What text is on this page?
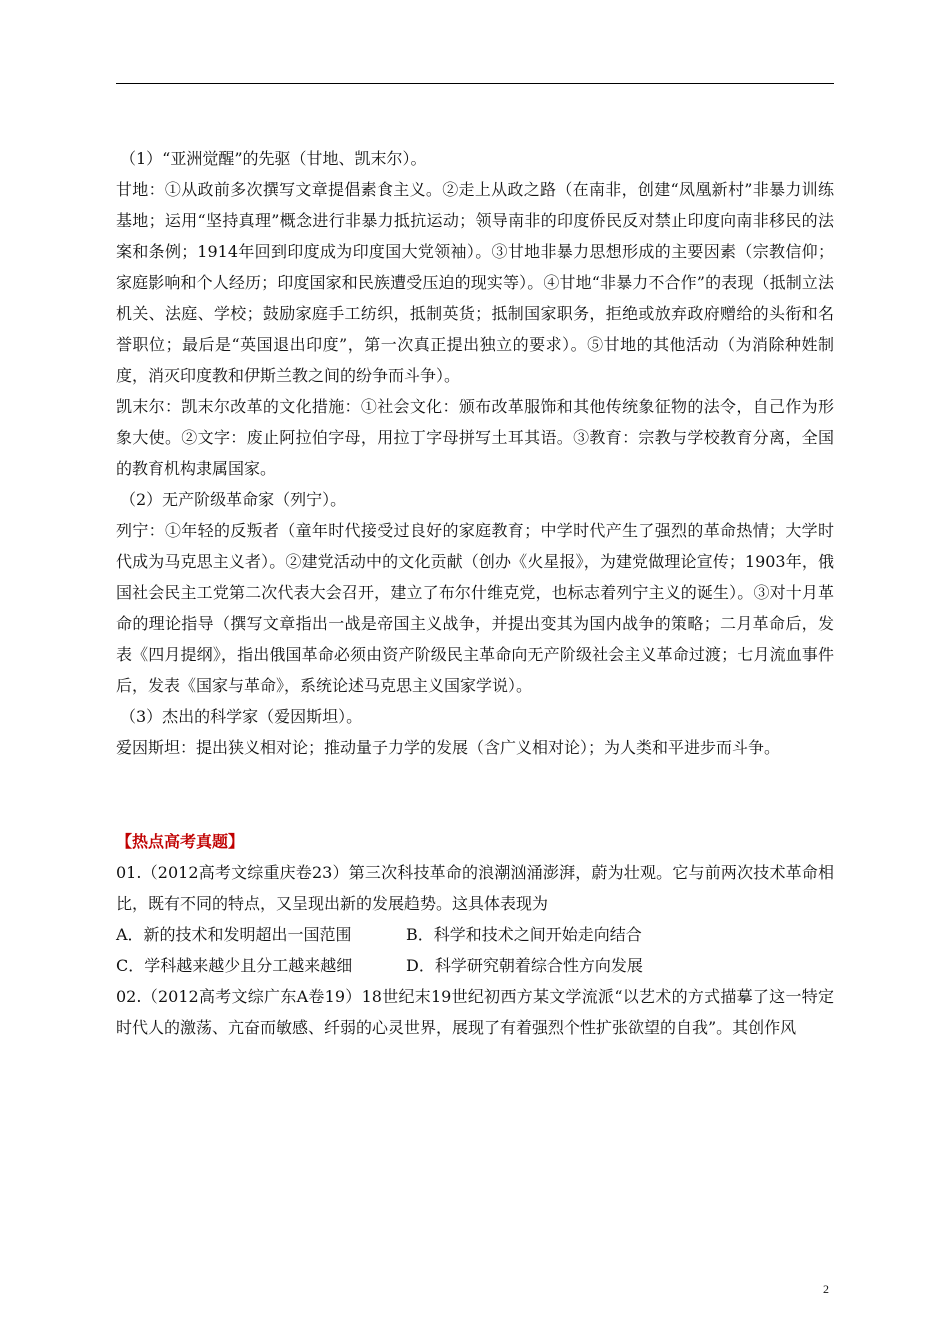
（1）“亚洲觉醒”的先驱（甘地、凯末尔）。

甘地：①从政前多次撰写文章提倡素食主义。②走上从政之路（在南非，创建“凤凰新村”非暴力训练基地；运用“坚持真理”概念进行非暴力抵抗运动；领导南非的印度侨民反对禁止印度向南非移民的法案和条例；1914年回到印度成为印度国大党领袖）。③甘地非暴力思想形成的主要因素（宗教信仰；家庭影响和个人经历；印度国家和民族遭受压迫的现实等）。④甘地“非暴力不合作”的表现（抵制立法机关、法庭、学校；鼓励家庭手工纺织，抵制英货；抵制国家职务，拒绝或放弃政府赠给的头衔和名誉职位；最后是“英国退出印度”，第一次真正提出独立的要求）。⑤甘地的其他活动（为消除种姓制度，消灭印度教和伊斯兰教之间的纷争而斗争）。

凯末尔：凯末尔改革的文化措施：①社会文化：颁布改革服饰和其他传统象征物的法令，自己作为形象大使。②文字：废止阿拉伯字母，用拉丁字母拼写土耳其语。③教育：宗教与学校教育分离，全国的教育机构隶属国家。

（2）无产阶级革命家（列宁）。

列宁：①年轻的反叛者（童年时代接受过良好的家庭教育；中学时代产生了强烈的革命热情；大学时代成为马克思主义者）。②建党活动中的文化贡献（创办《火星报》，为建党做理论宣传；1903年，俄国社会民主工党第二次代表大会召开，建立了布尔什维克党，也标志着列宁主义的诞生）。③对十月革命的理论指导（撰写文章指出一战是帝国主义战争，并提出变其为国内战争的策略；二月革命后，发表《四月提纲》，指出俄国革命必须由资产阶级民主革命向无产阶级社会主义革命过渡；七月流血事件后，发表《国家与革命》，系统论述马克思主义国家学说）。

（3）杰出的科学家（爱因斯坦）。

爱因斯坦：提出狭义相对论；推动量子力学的发展（含广义相对论）；为人类和平进步而斗争。

【热点高考真题】

01.（2012高考文综重庆卷23）第三次科技革命的浪潮汹涌澎湃，蔚为壮观。它与前两次技术革命相比，既有不同的特点，又呈现出新的发展趋势。这具体表现为

A．新的技术和发明超出一国范围	B．科学和技术之间开始走向结合
C．学科越来越少且分工越来越细	D．科学研究朝着综合性方向发展

02.（2012高考文综广东A卷19）18世纪末19世纪初西方某文学流派“以艺术的方式描摹了这一特定时代人的激荡、亢奋而敏感、纤弱的心灵世界，展现了有着强烈个性扩张欲望的自我”。其创作风

2
